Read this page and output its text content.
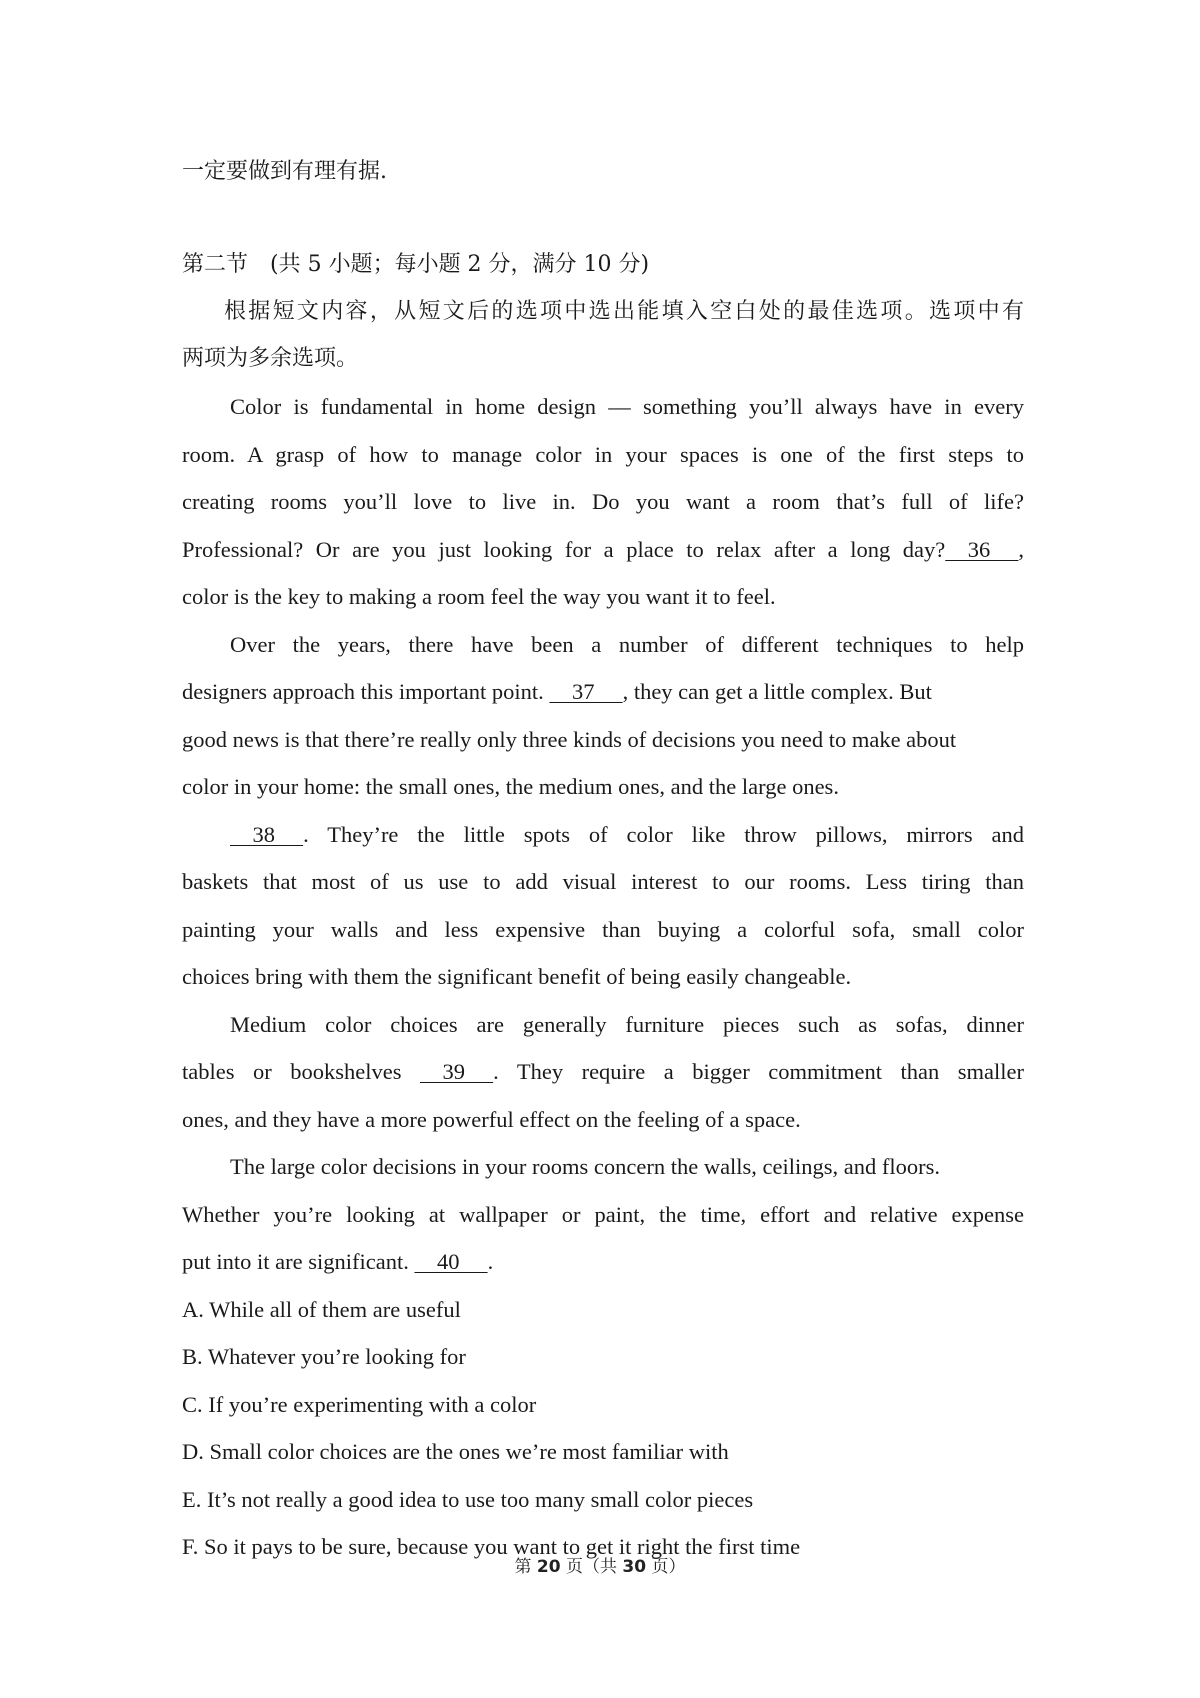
一定要做到有理有据.
第二节　(共 5 小题；每小题 2 分，满分 10 分)
根据短文内容，从短文后的选项中选出能填入空白处的最佳选项。选项中有
两项为多余选项。
Color is fundamental in home design — something you’ll always have in every
room. A grasp of how to manage color in your spaces is one of the first steps to
creating rooms you’ll love to live in. Do you want a room that’s full of life?
Professional? Or are you just looking for a place to relax after a long day?    36     ,
color is the key to making a room feel the way you want it to feel.
Over the years, there have been a number of different techniques to help
designers approach this important point.     37     , they can get a little complex. But
good news is that there’re really only three kinds of decisions you need to make about
color in your home: the small ones, the medium ones, and the large ones.
38     . They’re the little spots of color like throw pillows, mirrors and
baskets that most of us use to add visual interest to our rooms. Less tiring than
painting your walls and less expensive than buying a colorful sofa, small color
choices bring with them the significant benefit of being easily changeable.
Medium color choices are generally furniture pieces such as sofas, dinner
tables or bookshelves     39     . They require a bigger commitment than smaller
ones, and they have a more powerful effect on the feeling of a space.
The large color decisions in your rooms concern the walls, ceilings, and floors.
Whether you’re looking at wallpaper or paint, the time, effort and relative expense
put into it are significant.     40     .
A. While all of them are useful
B. Whatever you’re looking for
C. If you’re experimenting with a color
D. Small color choices are the ones we’re most familiar with
E. It’s not really a good idea to use too many small color pieces
F. So it pays to be sure, because you want to get it right the first time
第 20 页（共 30 页）
